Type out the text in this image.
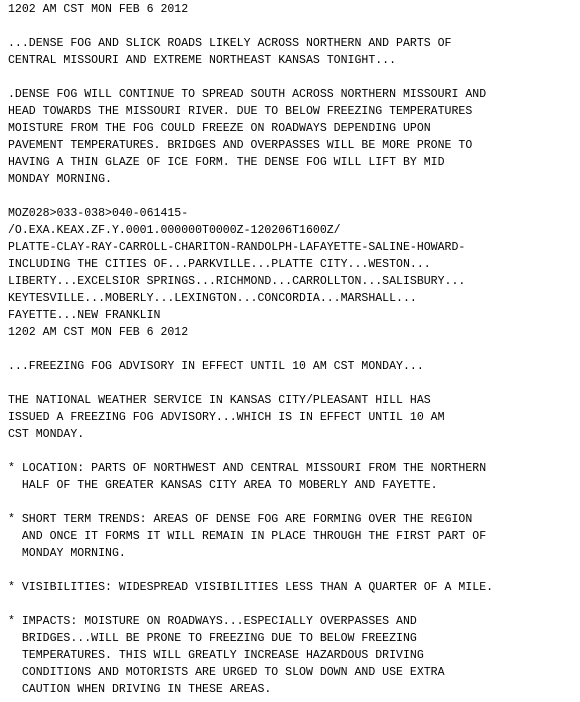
1202 AM CST MON FEB 6 2012
...DENSE FOG AND SLICK ROADS LIKELY ACROSS NORTHERN AND PARTS OF
CENTRAL MISSOURI AND EXTREME NORTHEAST KANSAS TONIGHT...
.DENSE FOG WILL CONTINUE TO SPREAD SOUTH ACROSS NORTHERN MISSOURI AND
HEAD TOWARDS THE MISSOURI RIVER. DUE TO BELOW FREEZING TEMPERATURES
MOISTURE FROM THE FOG COULD FREEZE ON ROADWAYS DEPENDING UPON
PAVEMENT TEMPERATURES. BRIDGES AND OVERPASSES WILL BE MORE PRONE TO
HAVING A THIN GLAZE OF ICE FORM. THE DENSE FOG WILL LIFT BY MID
MONDAY MORNING.
MOZ028>033-038>040-061415-
/O.EXA.KEAX.ZF.Y.0001.000000T0000Z-120206T1600Z/
PLATTE-CLAY-RAY-CARROLL-CHARITON-RANDOLPH-LAFAYETTE-SALINE-HOWARD-
INCLUDING THE CITIES OF...PARKVILLE...PLATTE CITY...WESTON...
LIBERTY...EXCELSIOR SPRINGS...RICHMOND...CARROLLTON...SALISBURY...
KEYTESVILLE...MOBERLY...LEXINGTON...CONCORDIA...MARSHALL...
FAYETTE...NEW FRANKLIN
1202 AM CST MON FEB 6 2012
...FREEZING FOG ADVISORY IN EFFECT UNTIL 10 AM CST MONDAY...
THE NATIONAL WEATHER SERVICE IN KANSAS CITY/PLEASANT HILL HAS
ISSUED A FREEZING FOG ADVISORY...WHICH IS IN EFFECT UNTIL 10 AM
CST MONDAY.
* LOCATION: PARTS OF NORTHWEST AND CENTRAL MISSOURI FROM THE NORTHERN
HALF OF THE GREATER KANSAS CITY AREA TO MOBERLY AND FAYETTE.
* SHORT TERM TRENDS: AREAS OF DENSE FOG ARE FORMING OVER THE REGION
AND ONCE IT FORMS IT WILL REMAIN IN PLACE THROUGH THE FIRST PART OF
MONDAY MORNING.
* VISIBILITIES: WIDESPREAD VISIBILITIES LESS THAN A QUARTER OF A MILE.
* IMPACTS: MOISTURE ON ROADWAYS...ESPECIALLY OVERPASSES AND
BRIDGES...WILL BE PRONE TO FREEZING DUE TO BELOW FREEZING
TEMPERATURES. THIS WILL GREATLY INCREASE HAZARDOUS DRIVING
CONDITIONS AND MOTORISTS ARE URGED TO SLOW DOWN AND USE EXTRA
CAUTION WHEN DRIVING IN THESE AREAS.
